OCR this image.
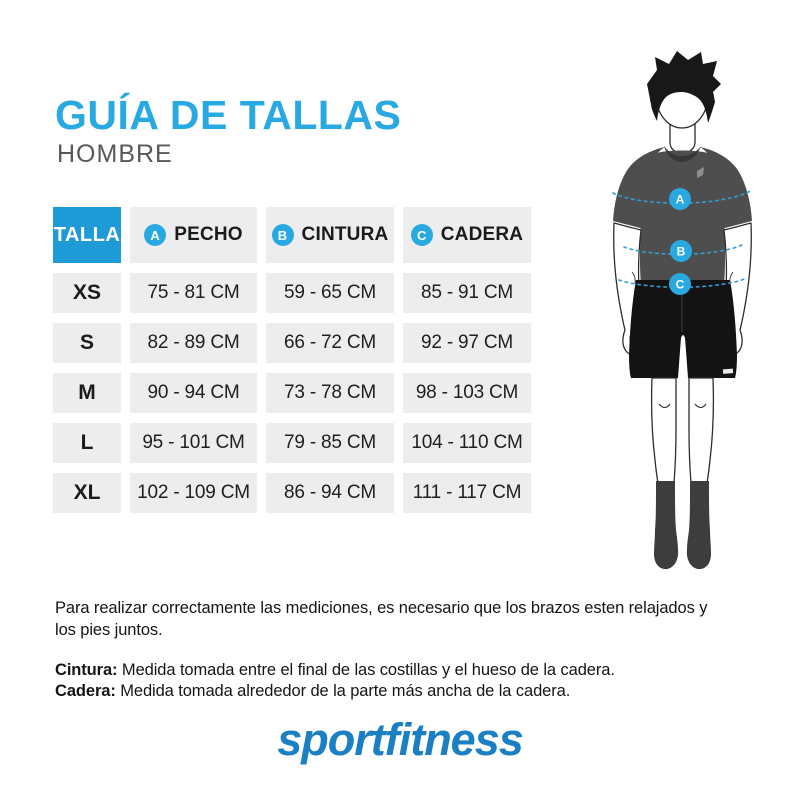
GUÍA DE TALLAS
HOMBRE
TALLA	A PECHO	B CINTURA	C CADERA
XS	75 - 81 CM	59 - 65 CM	85 - 91 CM
S	82 - 89 CM	66 - 72 CM	92 - 97 CM
M	90 - 94 CM	73 - 78 CM	98 - 103 CM
L	95 - 101 CM	79 - 85 CM	104 - 110 CM
XL	102 - 109 CM	86 - 94 CM	111 - 117 CM
A
B
C

Para realizar correctamente las mediciones, es necesario que los brazos esten relajados y los pies juntos.

Cintura: Medida tomada entre el final de las costillas y el hueso de la cadera.

Cadera: Medida tomada alrededor de la parte más ancha de la cadera.

sportfitness
